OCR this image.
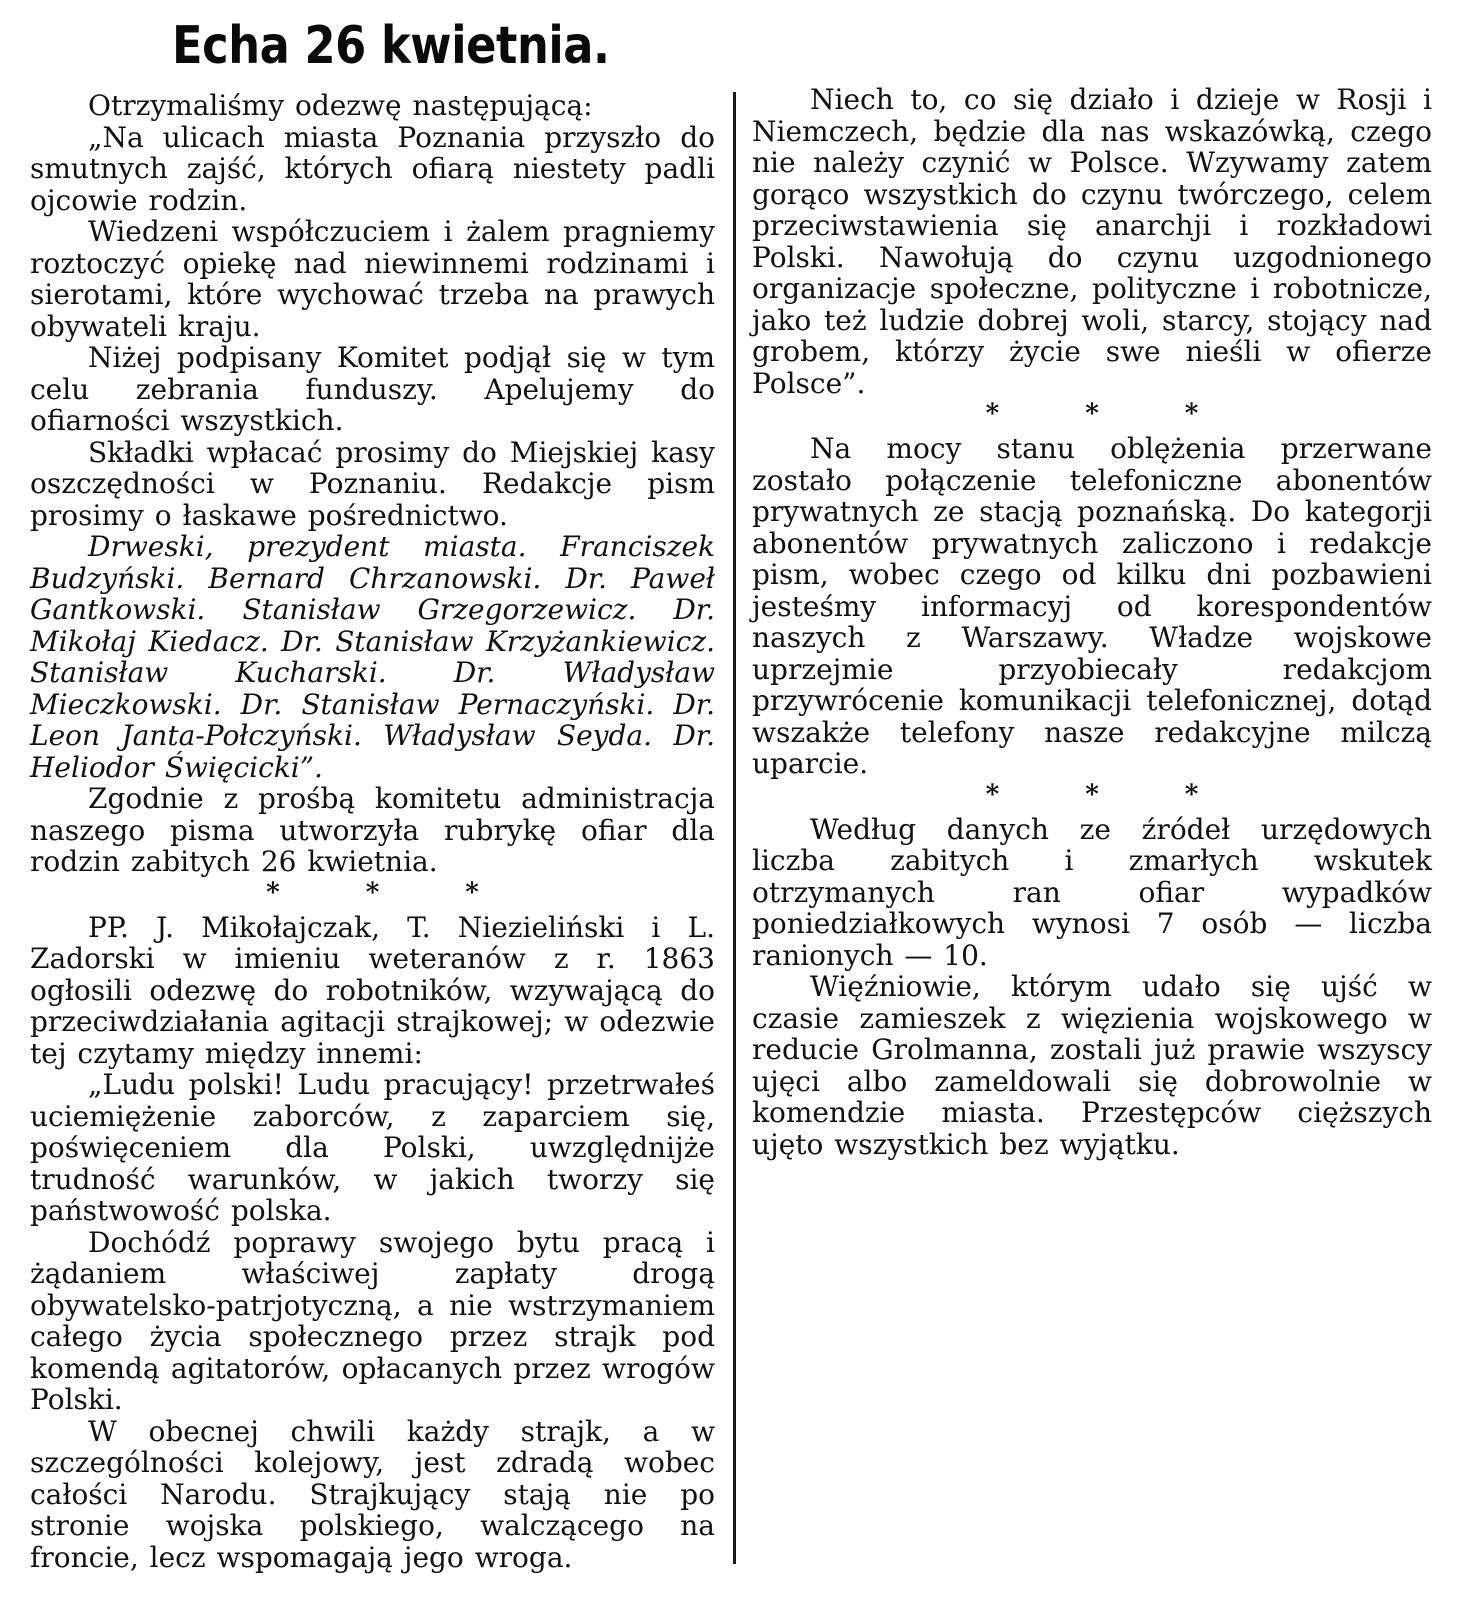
Echa 26 kwietnia.

Otrzymaliśmy odezwę następującą:

„Na ulicach miasta Poznania przyszło do smutnych zajść, których ofiarą niestety padli ojcowie rodzin.

Wiedzeni współczuciem i żalem pragniemy roztoczyć opiekę nad niewinnemi rodzinami i sierotami, które wychować trzeba na prawych obywateli kraju.

Niżej podpisany Komitet podjął się w tym celu zebrania funduszy. Apelujemy do ofiarności wszystkich.

Składki wpłacać prosimy do Miejskiej kasy oszczędności w Poznaniu. Redakcje pism prosimy o łaskawe pośrednictwo.

Drweski, prezydent miasta. Franciszek Budzyński. Bernard Chrzanowski. Dr. Paweł Gantkowski. Stanisław Grzegorzewicz. Dr. Mikołaj Kiedacz. Dr. Stanisław Krzyżankiewicz. Stanisław Kucharski. Dr. Władysław Mieczkowski. Dr. Stanisław Pernaczyński. Dr. Leon Janta-Połczyński. Władysław Seyda. Dr. Heliodor Święcicki”.

Zgodnie z prośbą komitetu administracja naszego pisma utworzyła rubrykę ofiar dla rodzin zabitych 26 kwietnia.

*	*	*

PP. J. Mikołajczak, T. Niezieliński i L. Zadorski w imieniu weteranów z r. 1863 ogłosili odezwę do robotników, wzywającą do przeciwdziałania agitacji strajkowej; w odezwie tej czytamy między innemi:

„Ludu polski! Ludu pracujący! przetrwałeś uciemiężenie zaborców, z zaparciem się, poświęceniem dla Polski, uwzględnijże trudność warunków, w jakich tworzy się państwowość polska.

Dochódź poprawy swojego bytu pracą i żądaniem właściwej zapłaty drogą obywatelsko-patrjotyczną, a nie wstrzymaniem całego życia społecznego przez strajk pod komendą agitatorów, opłacanych przez wrogów Polski.

W obecnej chwili każdy strajk, a w szczególności kolejowy, jest zdradą wobec całości Narodu. Strajkujący stają nie po stronie wojska polskiego, walczącego na froncie, lecz wspomagają jego wroga.

Niech to, co się działo i dzieje w Rosji i Niemczech, będzie dla nas wskazówką, czego nie należy czynić w Polsce. Wzywamy zatem gorąco wszystkich do czynu twórczego, celem przeciwstawienia się anarchji i rozkładowi Polski. Nawołują do czynu uzgodnionego organizacje społeczne, polityczne i robotnicze, jako też ludzie dobrej woli, starcy, stojący nad grobem, którzy życie swe nieśli w ofierze Polsce”.

*	*	*

Na mocy stanu oblężenia przerwane zostało połączenie telefoniczne abonentów prywatnych ze stacją poznańską. Do kategorji abonentów prywatnych zaliczono i redakcje pism, wobec czego od kilku dni pozbawieni jesteśmy informacyj od korespondentów naszych z Warszawy. Władze wojskowe uprzejmie przyobiecały redakcjom przywrócenie komunikacji telefonicznej, dotąd wszakże telefony nasze redakcyjne milczą uparcie.

*	*	*

Według danych ze źródeł urzędowych liczba zabitych i zmarłych wskutek otrzymanych ran ofiar wypadków poniedziałkowych wynosi 7 osób — liczba ranionych — 10.

Więźniowie, którym udało się ujść w czasie zamieszek z więzienia wojskowego w reducie Grolmanna, zostali już prawie wszyscy ujęci albo zameldowali się dobrowolnie w komendzie miasta. Przestępców cięższych ujęto wszystkich bez wyjątku.
